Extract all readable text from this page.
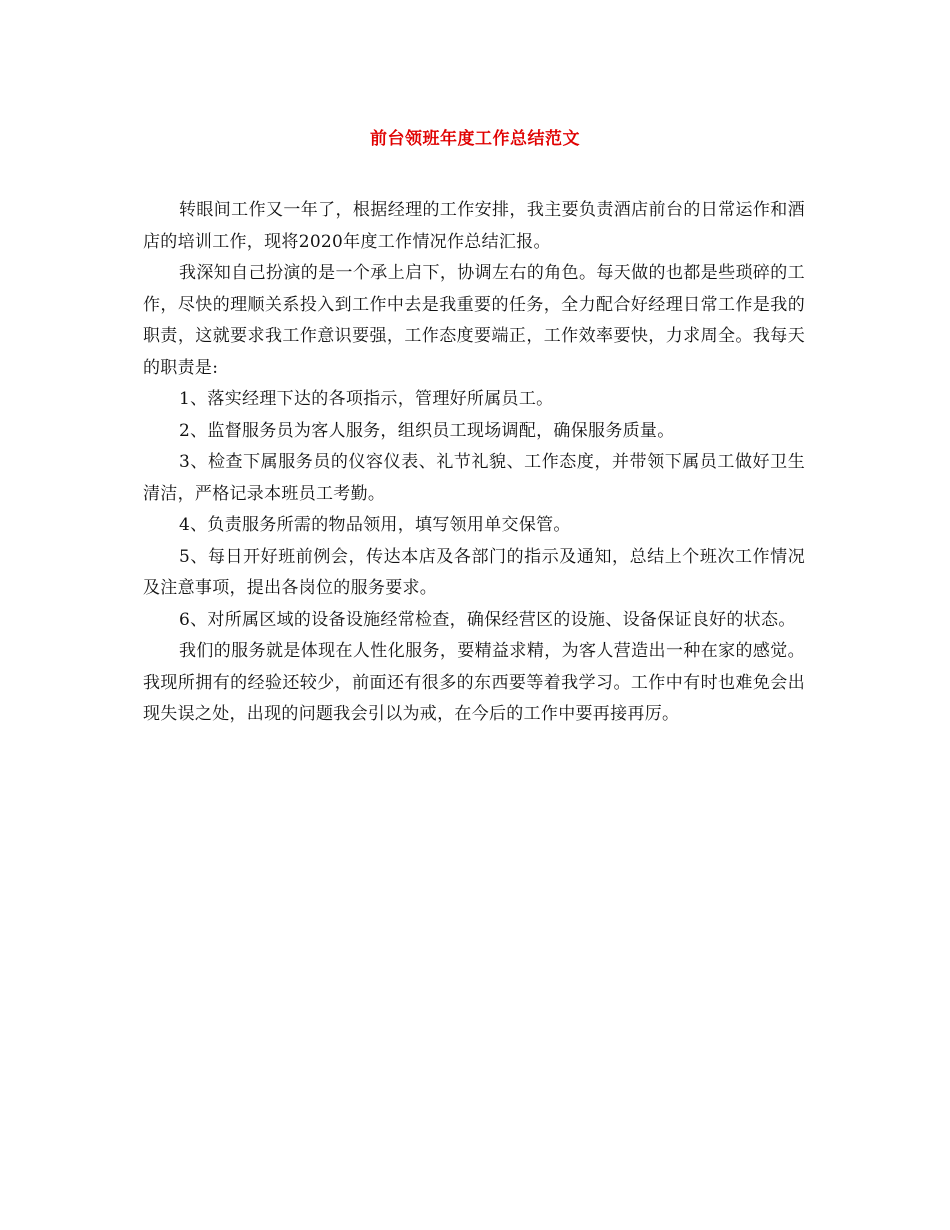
前台领班年度工作总结范文

转眼间工作又一年了，根据经理的工作安排，我主要负责酒店前台的日常运作和酒店的培训工作，现将2020年度工作情况作总结汇报。

我深知自己扮演的是一个承上启下，协调左右的角色。每天做的也都是些琐碎的工作，尽快的理顺关系投入到工作中去是我重要的任务，全力配合好经理日常工作是我的职责，这就要求我工作意识要强，工作态度要端正，工作效率要快，力求周全。我每天的职责是:

1、落实经理下达的各项指示，管理好所属员工。

2、监督服务员为客人服务，组织员工现场调配，确保服务质量。

3、检查下属服务员的仪容仪表、礼节礼貌、工作态度，并带领下属员工做好卫生清洁，严格记录本班员工考勤。

4、负责服务所需的物品领用，填写领用单交保管。

5、每日开好班前例会，传达本店及各部门的指示及通知，总结上个班次工作情况及注意事项，提出各岗位的服务要求。

6、对所属区域的设备设施经常检查，确保经营区的设施、设备保证良好的状态。

我们的服务就是体现在人性化服务，要精益求精，为客人营造出一种在家的感觉。我现所拥有的经验还较少，前面还有很多的东西要等着我学习。工作中有时也难免会出现失误之处，出现的问题我会引以为戒，在今后的工作中要再接再厉。
